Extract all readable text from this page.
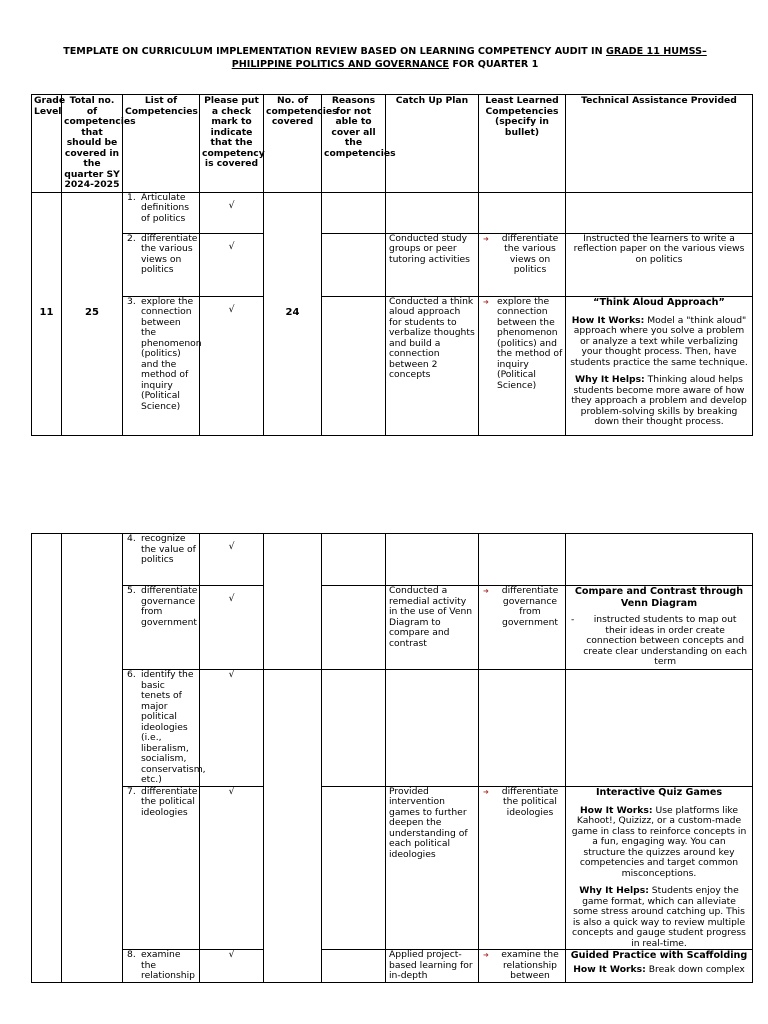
TEMPLATE ON CURRICULUM IMPLEMENTATION REVIEW BASED ON LEARNING COMPETENCY AUDIT IN GRADE 11 HUMSS– PHILIPPINE POLITICS AND GOVERNANCE FOR QUARTER 1
Grade Level	Total no. of competencies that should be covered in the quarter SY 2024-2025	List of Competencies	Please put a check mark to indicate that the competency is covered	No. of competencies covered	Reasons for not able to cover all the competencies	Catch Up Plan	Least Learned Competencies (specify in bullet)	Technical Assistance Provided
11	25	1. Articulate definitions of politics	√	24				
		2. differentiate the various views on politics	√			Conducted study groups or peer tutoring activities	➜ differentiate the various views on politics	Instructed the learners to write a reflection paper on the various views on politics
		3. explore the connection between the phenomenon (politics) and the method of inquiry (Political Science)	√			Conducted a think aloud approach for students to verbalize thoughts and build a connection between 2 concepts	➜ explore the connection between the phenomenon (politics) and the method of inquiry (Political Science)	“Think Aloud Approach”

How It Works: Model a "think aloud" approach where you solve a problem or analyze a text while verbalizing your thought process. Then, have students practice the same technique.

Why It Helps: Thinking aloud helps students become more aware of how they approach a problem and develop problem-solving skills by breaking down their thought process.

		4. recognize the value of politics	√					
		5. differentiate governance from government	√			Conducted a remedial activity in the use of Venn Diagram to compare and contrast	➜ differentiate governance from government	Compare and Contrast through Venn Diagram

- instructed students to map out their ideas in order create connection between concepts and create clear understanding on each term

		6. identify the basic tenets of major political ideologies (i.e., liberalism, socialism, conservatism, etc.)	√					
		7. differentiate the political ideologies	√			Provided intervention games to further deepen the understanding of each political ideologies	➜ differentiate the political ideologies	Interactive Quiz Games

How It Works: Use platforms like Kahoot!, Quizizz, or a custom-made game in class to reinforce concepts in a fun, engaging way. You can structure the quizzes around key competencies and target common misconceptions.

Why It Helps: Students enjoy the game format, which can alleviate some stress around catching up. This is also a quick way to review multiple concepts and gauge student progress in real-time.

		8. examine the relationship	√			Applied project-based learning for in-depth	➜ examine the relationship between	Guided Practice with Scaffolding

How It Works: Break down complex
